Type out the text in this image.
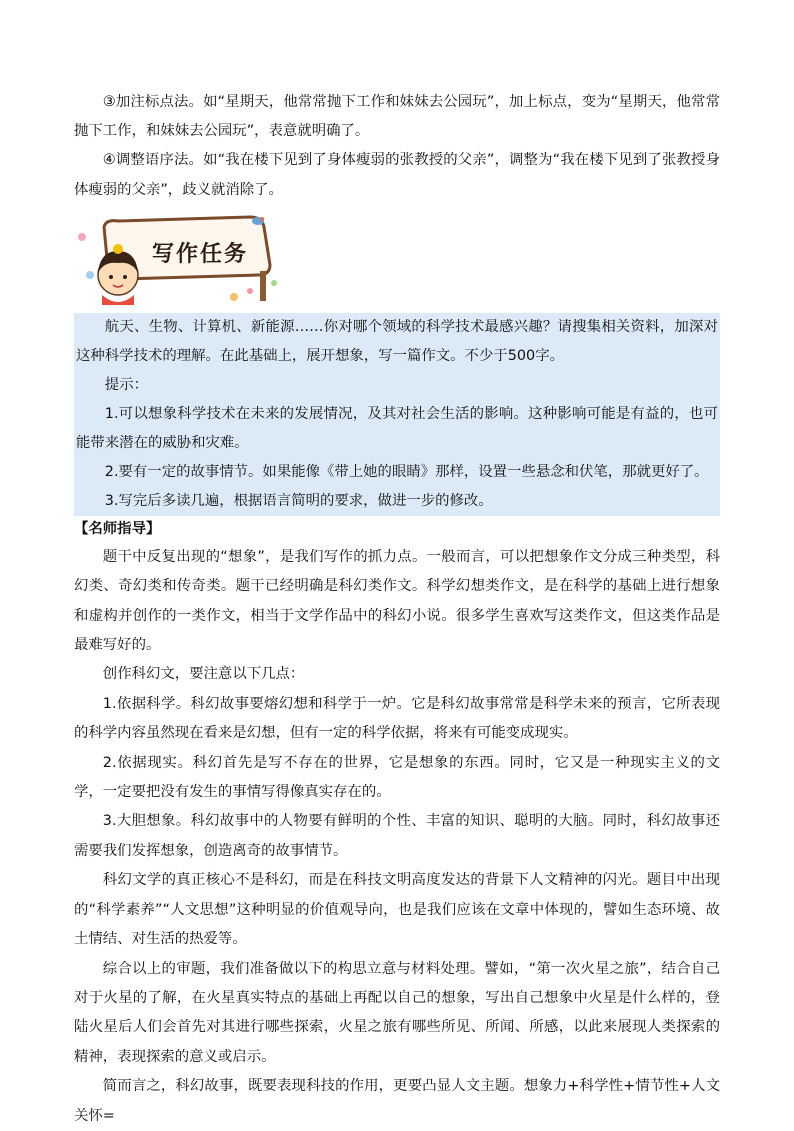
③加注标点法。如“星期天，他常常抛下工作和妹妹去公园玩”，加上标点，变为“星期天，他常常抛下工作，和妹妹去公园玩”，表意就明确了。

④调整语序法。如“我在楼下见到了身体瘦弱的张教授的父亲”，调整为“我在楼下见到了张教授身体瘦弱的父亲”，歧义就消除了。

写作任务

航天、生物、计算机、新能源……你对哪个领域的科学技术最感兴趣？请搜集相关资料，加深对这种科学技术的理解。在此基础上，展开想象，写一篇作文。不少于500字。

提示：

1.可以想象科学技术在未来的发展情况，及其对社会生活的影响。这种影响可能是有益的，也可能带来潜在的威胁和灾难。

2.要有一定的故事情节。如果能像《带上她的眼睛》那样，设置一些悬念和伏笔，那就更好了。

3.写完后多读几遍，根据语言简明的要求，做进一步的修改。

【名师指导】

题干中反复出现的“想象”，是我们写作的抓力点。一般而言，可以把想象作文分成三种类型，科幻类、奇幻类和传奇类。题干已经明确是科幻类作文。科学幻想类作文，是在科学的基础上进行想象和虚构并创作的一类作文，相当于文学作品中的科幻小说。很多学生喜欢写这类作文，但这类作品是最难写好的。

创作科幻文，要注意以下几点：

1.依据科学。科幻故事要熔幻想和科学于一炉。它是科幻故事常常是科学未来的预言，它所表现的科学内容虽然现在看来是幻想，但有一定的科学依据，将来有可能变成现实。

2.依据现实。科幻首先是写不存在的世界，它是想象的东西。同时，它又是一种现实主义的文学，一定要把没有发生的事情写得像真实存在的。

3.大胆想象。科幻故事中的人物要有鲜明的个性、丰富的知识、聪明的大脑。同时，科幻故事还需要我们发挥想象，创造离奇的故事情节。

科幻文学的真正核心不是科幻，而是在科技文明高度发达的背景下人文精神的闪光。题目中出现的“科学素养”“人文思想”这种明显的价值观导向，也是我们应该在文章中体现的，譬如生态环境、故土情结、对生活的热爱等。

综合以上的审题，我们准备做以下的构思立意与材料处理。譬如，“第一次火星之旅”，结合自己对于火星的了解，在火星真实特点的基础上再配以自己的想象，写出自己想象中火星是什么样的，登陆火星后人们会首先对其进行哪些探索，火星之旅有哪些所见、所闻、所感，以此来展现人类探索的精神，表现探索的意义或启示。

简而言之，科幻故事，既要表现科技的作用，更要凸显人文主题。想象力+科学性+情节性+人文关怀=
